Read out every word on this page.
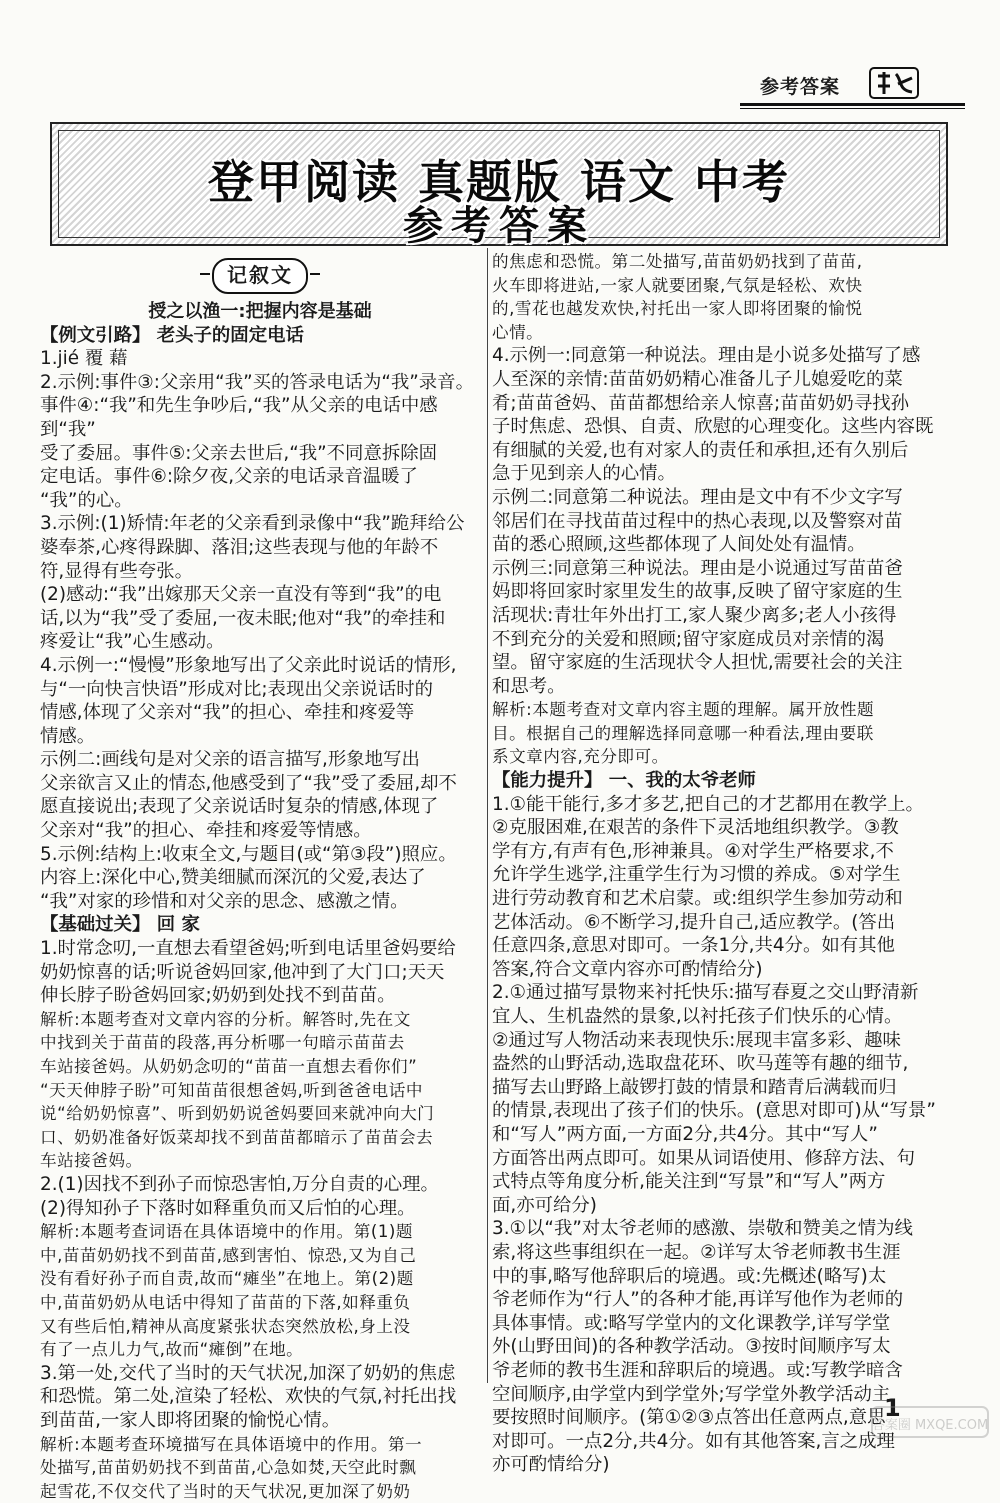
参考答案
登甲阅读 真题版 语文 中考
参考答案
记叙文
授之以渔一:把握内容是基础
【例文引路】 老头子的固定电话
1.jié 覆 藉
2.示例:事件③:父亲用“我”买的答录电话为“我”录音。
事件④:“我”和先生争吵后,“我”从父亲的电话中感到“我”
受了委屈。事件⑤:父亲去世后,“我”不同意拆除固
定电话。事件⑥:除夕夜,父亲的电话录音温暖了
“我”的心。
3.示例:(1)矫情:年老的父亲看到录像中“我”跪拜给公
婆奉茶,心疼得跺脚、落泪;这些表现与他的年龄不
符,显得有些夸张。
(2)感动:“我”出嫁那天父亲一直没有等到“我”的电
话,以为“我”受了委屈,一夜未眠;他对“我”的牵挂和
疼爱让“我”心生感动。
4.示例一:“慢慢”形象地写出了父亲此时说话的情形,
与“一向快言快语”形成对比;表现出父亲说话时的
情感,体现了父亲对“我”的担心、牵挂和疼爱等
情感。
示例二:画线句是对父亲的语言描写,形象地写出
父亲欲言又止的情态,他感受到了“我”受了委屈,却不
愿直接说出;表现了父亲说话时复杂的情感,体现了
父亲对“我”的担心、牵挂和疼爱等情感。
5.示例:结构上:收束全文,与题目(或“第③段”)照应。
内容上:深化中心,赞美细腻而深沉的父爱,表达了
“我”对家的珍惜和对父亲的思念、感激之情。
【基础过关】 回 家
1.时常念叨,一直想去看望爸妈;听到电话里爸妈要给
奶奶惊喜的话;听说爸妈回家,他冲到了大门口;天天
伸长脖子盼爸妈回家;奶奶到处找不到苗苗。
解析:本题考查对文章内容的分析。解答时,先在文
中找到关于苗苗的段落,再分析哪一句暗示苗苗去
车站接爸妈。从奶奶念叨的“苗苗一直想去看你们”
“天天伸脖子盼”可知苗苗很想爸妈,听到爸爸电话中
说“给奶奶惊喜”、听到奶奶说爸妈要回来就冲向大门
口、奶奶准备好饭菜却找不到苗苗都暗示了苗苗会去
车站接爸妈。
2.(1)因找不到孙子而惊恐害怕,万分自责的心理。
(2)得知孙子下落时如释重负而又后怕的心理。
解析:本题考查词语在具体语境中的作用。第(1)题
中,苗苗奶奶找不到苗苗,感到害怕、惊恐,又为自己
没有看好孙子而自责,故而“瘫坐”在地上。第(2)题
中,苗苗奶奶从电话中得知了苗苗的下落,如释重负
又有些后怕,精神从高度紧张状态突然放松,身上没
有了一点儿力气,故而“瘫倒”在地。
3.第一处,交代了当时的天气状况,加深了奶奶的焦虑
和恐慌。第二处,渲染了轻松、欢快的气氛,衬托出找
到苗苗,一家人即将团聚的愉悦心情。
解析:本题考查环境描写在具体语境中的作用。第一
处描写,苗苗奶奶找不到苗苗,心急如焚,天空此时飘
起雪花,不仅交代了当时的天气状况,更加深了奶奶
的焦虑和恐慌。第二处描写,苗苗奶奶找到了苗苗,
火车即将进站,一家人就要团聚,气氛是轻松、欢快
的,雪花也越发欢快,衬托出一家人即将团聚的愉悦
心情。
4.示例一:同意第一种说法。理由是小说多处描写了感
人至深的亲情:苗苗奶奶精心准备儿子儿媳爱吃的菜
肴;苗苗爸妈、苗苗都想给亲人惊喜;苗苗奶奶寻找孙
子时焦虑、恐惧、自责、欣慰的心理变化。这些内容既
有细腻的关爱,也有对家人的责任和承担,还有久别后
急于见到亲人的心情。
示例二:同意第二种说法。理由是文中有不少文字写
邻居们在寻找苗苗过程中的热心表现,以及警察对苗
苗的悉心照顾,这些都体现了人间处处有温情。
示例三:同意第三种说法。理由是小说通过写苗苗爸
妈即将回家时家里发生的故事,反映了留守家庭的生
活现状:青壮年外出打工,家人聚少离多;老人小孩得
不到充分的关爱和照顾;留守家庭成员对亲情的渴
望。留守家庭的生活现状令人担忧,需要社会的关注
和思考。
解析:本题考查对文章内容主题的理解。属开放性题
目。根据自己的理解选择同意哪一种看法,理由要联
系文章内容,充分即可。
【能力提升】 一、我的太爷老师
1.①能干能行,多才多艺,把自己的才艺都用在教学上。
②克服困难,在艰苦的条件下灵活地组织教学。③教
学有方,有声有色,形神兼具。④对学生严格要求,不
允许学生逃学,注重学生行为习惯的养成。⑤对学生
进行劳动教育和艺术启蒙。或:组织学生参加劳动和
艺体活动。⑥不断学习,提升自己,适应教学。(答出
任意四条,意思对即可。一条1分,共4分。如有其他
答案,符合文章内容亦可酌情给分)
2.①通过描写景物来衬托快乐:描写春夏之交山野清新
宜人、生机盎然的景象,以衬托孩子们快乐的心情。
②通过写人物活动来表现快乐:展现丰富多彩、趣味
盎然的山野活动,选取盘花环、吹马莲等有趣的细节,
描写去山野路上敲锣打鼓的情景和踏青后满载而归
的情景,表现出了孩子们的快乐。(意思对即可)从“写景”
和“写人”两方面,一方面2分,共4分。其中“写人”
方面答出两点即可。如果从词语使用、修辞方法、句
式特点等角度分析,能关注到“写景”和“写人”两方
面,亦可给分)
3.①以“我”对太爷老师的感激、崇敬和赞美之情为线
索,将这些事组织在一起。②详写太爷老师教书生涯
中的事,略写他辞职后的境遇。或:先概述(略写)太
爷老师作为“行人”的各种才能,再详写他作为老师的
具体事情。或:略写学堂内的文化课教学,详写学堂
外(山野田间)的各种教学活动。③按时间顺序写太
爷老师的教书生涯和辞职后的境遇。或:写教学暗含
空间顺序,由学堂内到学堂外;写学堂外教学活动主
要按照时间顺序。(第①②③点答出任意两点,意思
对即可。一点2分,共4分。如有其他答案,言之成理
亦可酌情给分)
1
答案圈 MXQE.COM
